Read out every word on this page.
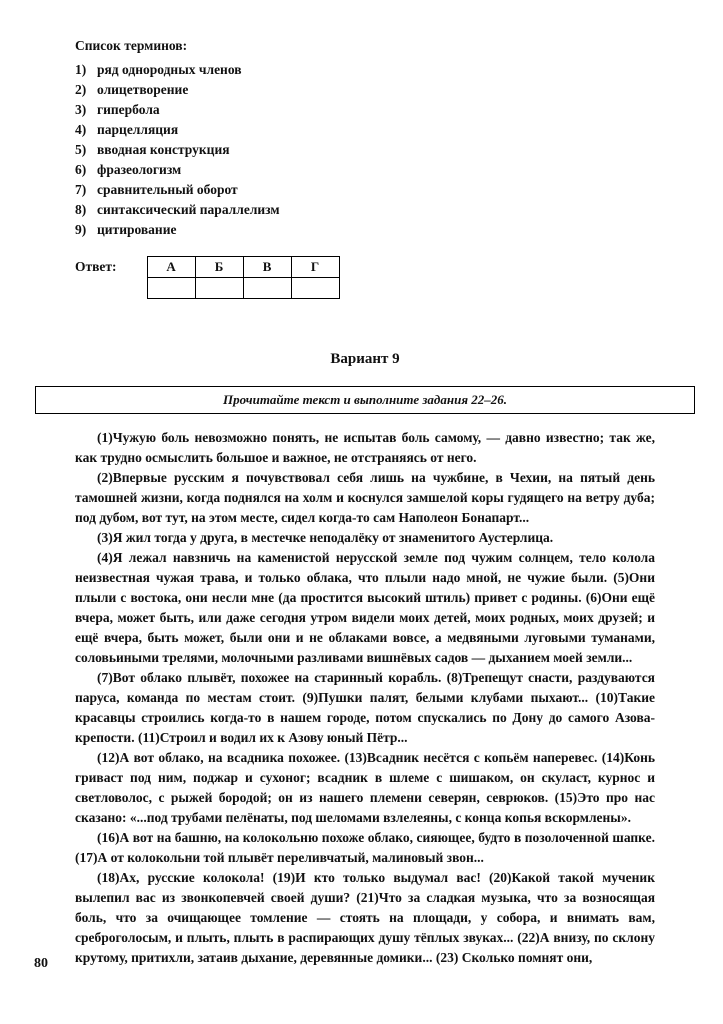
Список терминов:
1) ряд однородных членов
2) олицетворение
3) гипербола
4) парцелляция
5) вводная конструкция
6) фразеологизм
7) сравнительный оборот
8) синтаксический параллелизм
9) цитирование
Ответ:	А	Б	В	Г

Вариант 9
Прочитайте текст и выполните задания 22–26.

(1)Чужую боль невозможно понять, не испытав боль самому, — давно известно; так же, как трудно осмыслить большое и важное, не отстраняясь от него.

(2)Впервые русским я почувствовал себя лишь на чужбине, в Чехии, на пятый день тамошней жизни, когда поднялся на холм и коснулся замшелой коры гудящего на ветру дуба; под дубом, вот тут, на этом месте, сидел когда-то сам Наполеон Бонапарт...

(3)Я жил тогда у друга, в местечке неподалёку от знаменитого Аустерлица.

(4)Я лежал навзничь на каменистой нерусской земле под чужим солнцем, тело колола неизвестная чужая трава, и только облака, что плыли надо мной, не чужие были. (5)Они плыли с востока, они несли мне (да простится высокий штиль) привет с родины. (6)Они ещё вчера, может быть, или даже сегодня утром видели моих детей, моих родных, моих друзей; и ещё вчера, быть может, были они и не облаками вовсе, а медвяными луговыми туманами, соловьиными трелями, молочными разливами вишнёвых садов — дыханием моей земли...

(7)Вот облако плывёт, похожее на старинный корабль. (8)Трепещут снасти, раздуваются паруса, команда по местам стоит. (9)Пушки палят, белыми клубами пыхают... (10)Такие красавцы строились когда-то в нашем городе, потом спускались по Дону до самого Азова-крепости. (11)Строил и водил их к Азову юный Пётр...

(12)А вот облако, на всадника похожее. (13)Всадник несётся с копьём наперевес. (14)Конь гриваст под ним, поджар и сухоног; всадник в шлеме с шишаком, он скуласт, курнос и светловолос, с рыжей бородой; он из нашего племени северян, севрюков. (15)Это про нас сказано: «...под трубами пелёнаты, под шеломами взлелеяны, с конца копья вскормлены».

(16)А вот на башню, на колокольню похоже облако, сияющее, будто в позолоченной шапке. (17)А от колокольни той плывёт переливчатый, малиновый звон...

(18)Ах, русские колокола! (19)И кто только выдумал вас! (20)Какой такой мученик вылепил вас из звонкопевчей своей души? (21)Что за сладкая музыка, что за возносящая боль, что за очищающее томление — стоять на площади, у собора, и внимать вам, среброголосым, и плыть, плыть в распирающих душу тёплых звуках... (22)А внизу, по склону крутому, притихли, затаив дыхание, деревянные домики... (23) Сколько помнят они,

80
